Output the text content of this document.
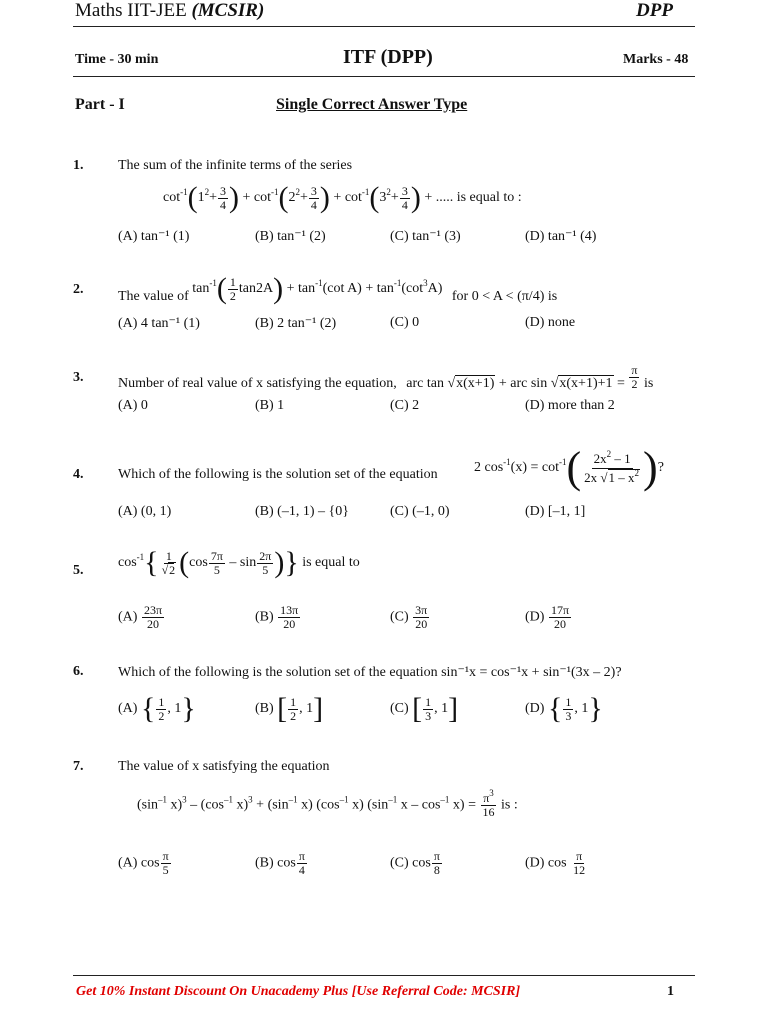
Maths IIT-JEE (MCSIR)	DPP
Time - 30 min	ITF (DPP)	Marks - 48
Part - I	Single Correct Answer Type
1. The sum of the infinite terms of the series
$\cot^{-1}(1^2+ \frac{3}{4}$ ) + $\cot^{-1}(2^2+ \frac{3}{4}$ ) + $\cot^{-1}(3^2+ \frac{3}{4}$ ) + ..... is equal to :
(A) tan⁻¹ (1)	(B) tan⁻¹ (2)	(C) tan⁻¹ (3)	(D) tan⁻¹ (4)
2. The value of $\tan^{-1}( \frac{1}{2} \tan 2A) + \tan^{-1}(\cot$ $A) + \tan^{-1}(\cot^3A)$ for 0 < A < (π/4) is
(A) 4 tan⁻¹ (1)	(B) 2 tan⁻¹ (2)	(C) 0	(D) none
3. Number of real value of x satisfying the equation, arc tan √x(x+1) + arc $\sin √x(x+1)+1 = \frac{\pi}{2}$ is
(A) 0	(B) 1	(C) 2	(D) more than 2
4. Which of the following is the solution set of the equation	2 $\cos^{-1}(x) = \cot^{-1}( \frac{2x^2 - 1}{2x √1 - x^2}$ )?
(A) (0, 1)	(B) (–1, 1) – {0}	(C) (–1, 0)	(D) [–1, 1]
5.
$\cos^{-1}\{ \frac{1}{√2} (\cos \frac{7\pi}{5}$ – $\sin \frac{2\pi}{5}$ )} is equal to
$(A) \frac{23\pi}{20}$	$(B) \frac{13\pi}{20}$	$(C) \frac{3\pi}{20}$	$(D) \frac{17\pi}{20}$
6. Which of the following is the solution set of the equation sin⁻¹x = cos⁻¹x + sin⁻¹(3x – 2)?
(A) { $\frac{1}{2}$ , 1}	(B) [ $\frac{1}{2}$ , 1]	(C) [ $\frac{1}{3}$ , 1]	(D) { $\frac{1}{3}$ , 1}
7. The value of x satisfying the equation
($\sin^{-1}$ $x)^3 - (\cos^{-1}$ $x)^3 + (\sin^{-1}$ x) ($\cos^{-1}$ x) ($\sin^{-1}$ $x - \cos^{-1} x) = \frac{\pi^3}{16}$ is :
(A) $\cos \frac{\pi}{5}$	(B) $\cos \frac{\pi}{4}$	(C) $\cos \frac{\pi}{8}$	(D) $\cos \frac{\pi}{12}$
Get 10% Instant Discount On Unacademy Plus [Use Referral Code: MCSIR]	1
